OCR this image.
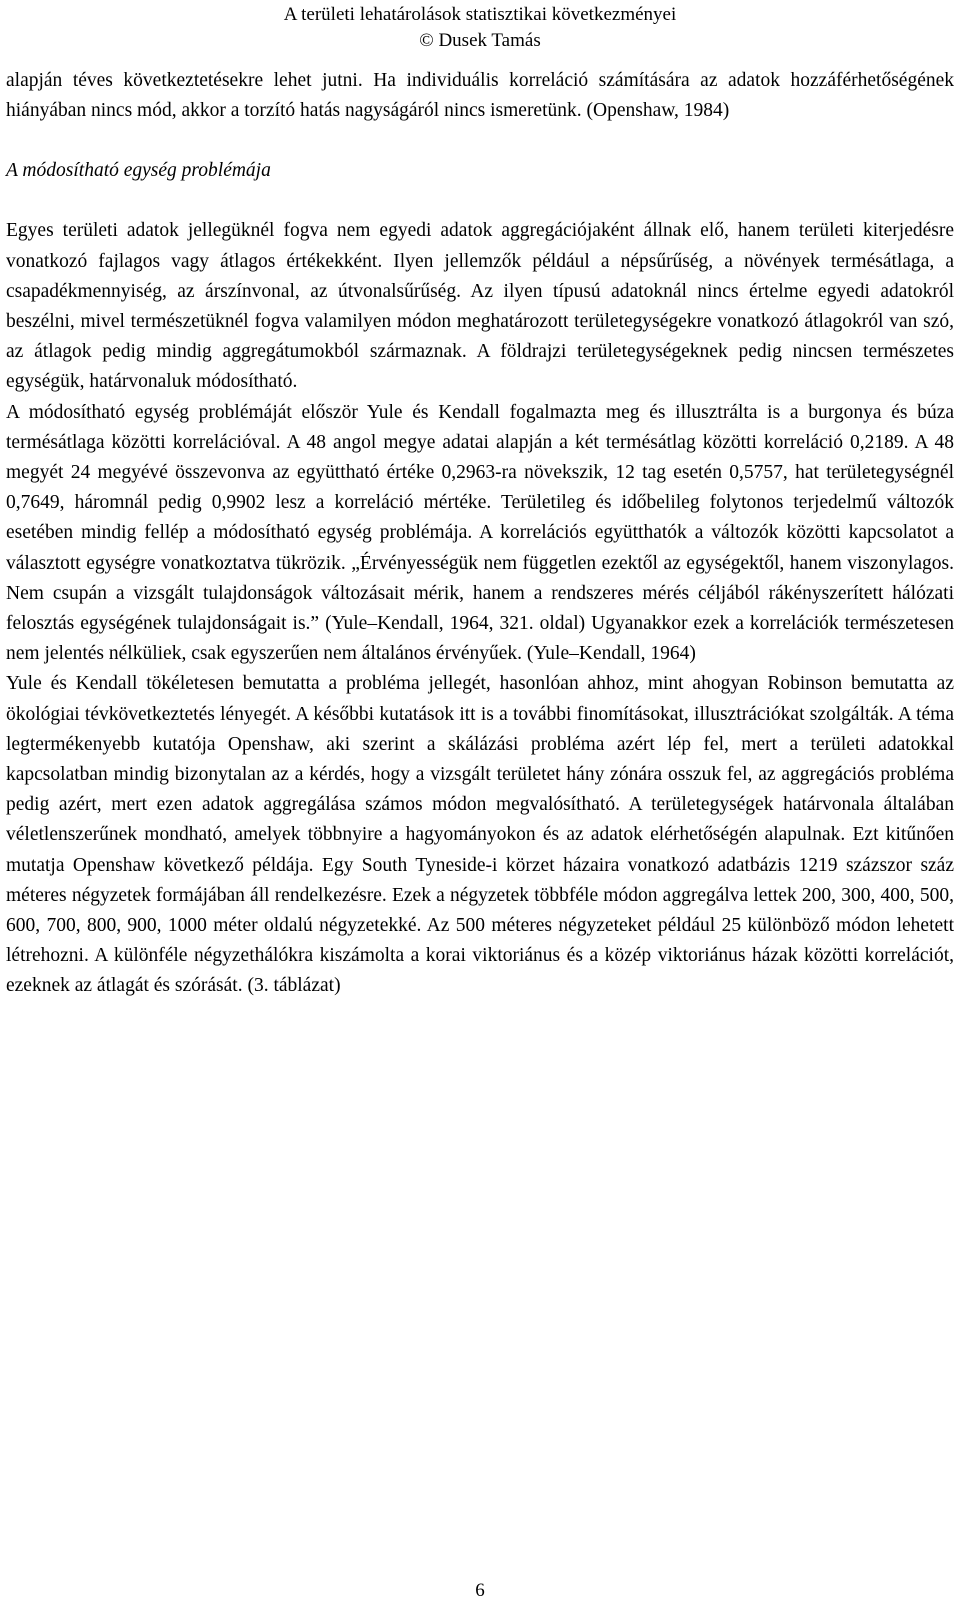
A területi lehatárolások statisztikai következményei
© Dusek Tamás

alapján téves következtetésekre lehet jutni. Ha individuális korreláció számítására az adatok hozzáférhetőségének hiányában nincs mód, akkor a torzító hatás nagyságáról nincs ismeretünk. (Openshaw, 1984)

A módosítható egység problémája

Egyes területi adatok jellegüknél fogva nem egyedi adatok aggregációjaként állnak elő, hanem területi kiterjedésre vonatkozó fajlagos vagy átlagos értékekként. Ilyen jellemzők például a népsűrűség, a növények termésátlaga, a csapadékmennyiség, az árszínvonal, az útvonalsűrűség. Az ilyen típusú adatoknál nincs értelme egyedi adatokról beszélni, mivel természetüknél fogva valamilyen módon meghatározott területegységekre vonatkozó átlagokról van szó, az átlagok pedig mindig aggregátumokból származnak. A földrajzi területegységeknek pedig nincsen természetes egységük, határvonaluk módosítható.

A módosítható egység problémáját először Yule és Kendall fogalmazta meg és illusztrálta is a burgonya és búza termésátlaga közötti korrelációval. A 48 angol megye adatai alapján a két termésátlag közötti korreláció 0,2189. A 48 megyét 24 megyévé összevonva az együttható értéke 0,2963-ra növekszik, 12 tag esetén 0,5757, hat területegységnél 0,7649, háromnál pedig 0,9902 lesz a korreláció mértéke. Területileg és időbelileg folytonos terjedelmű változók esetében mindig fellép a módosítható egység problémája. A korrelációs együtthatók a változók közötti kapcsolatot a választott egységre vonatkoztatva tükrözik. „Érvényességük nem független ezektől az egységektől, hanem viszonylagos. Nem csupán a vizsgált tulajdonságok változásait mérik, hanem a rendszeres mérés céljából rákényszerített hálózati felosztás egységének tulajdonságait is.” (Yule–Kendall, 1964, 321. oldal) Ugyanakkor ezek a korrelációk természetesen nem jelentés nélküliek, csak egyszerűen nem általános érvényűek. (Yule–Kendall, 1964)

Yule és Kendall tökéletesen bemutatta a probléma jellegét, hasonlóan ahhoz, mint ahogyan Robinson bemutatta az ökológiai tévkövetkeztetés lényegét. A későbbi kutatások itt is a további finomításokat, illusztrációkat szolgálták. A téma legtermékenyebb kutatója Openshaw, aki szerint a skálázási probléma azért lép fel, mert a területi adatokkal kapcsolatban mindig bizonytalan az a kérdés, hogy a vizsgált területet hány zónára osszuk fel, az aggregációs probléma pedig azért, mert ezen adatok aggregálása számos módon megvalósítható. A területegységek határvonala általában véletlenszerűnek mondható, amelyek többnyire a hagyományokon és az adatok elérhetőségén alapulnak. Ezt kitűnően mutatja Openshaw következő példája. Egy South Tyneside-i körzet házaira vonatkozó adatbázis 1219 százszor száz méteres négyzetek formájában áll rendelkezésre. Ezek a négyzetek többféle módon aggregálva lettek 200, 300, 400, 500, 600, 700, 800, 900, 1000 méter oldalú négyzetekké. Az 500 méteres négyzeteket például 25 különböző módon lehetett létrehozni. A különféle négyzethálókra kiszámolta a korai viktoriánus és a közép viktoriánus házak közötti korrelációt, ezeknek az átlagát és szórását. (3. táblázat)

6
